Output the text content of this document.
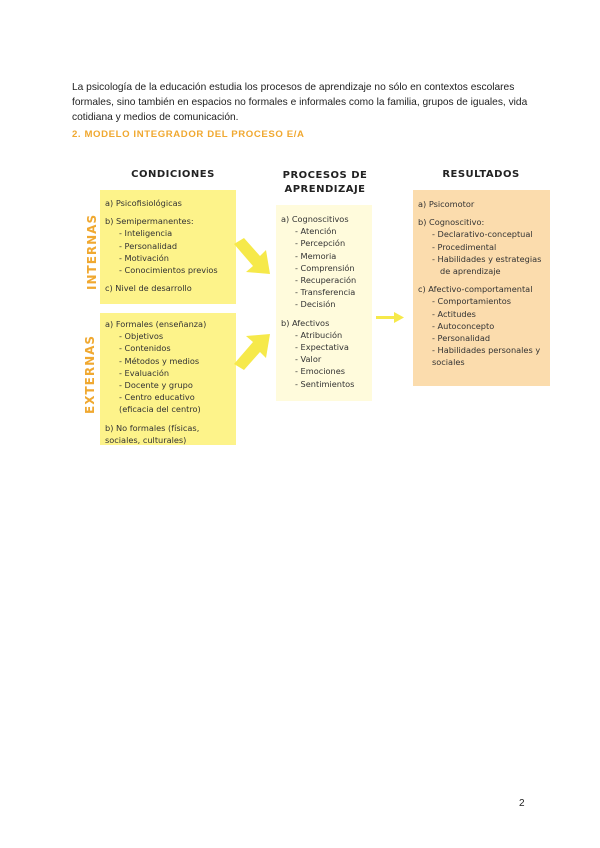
La psicología de la educación estudia los procesos de aprendizaje no sólo en contextos escolares formales, sino también en espacios no formales e informales como la familia, grupos de iguales, vida cotidiana y medios de comunicación.

2. MODELO INTEGRADOR DEL PROCESO E/A
CONDICIONES	PROCESOS DE
APRENDIZAJE
RESULTADOS
INTERNAS
EXTERNAS
a) Psicofisiológicas
b) Semipermanentes:
- Inteligencia
- Personalidad
- Motivación
- Conocimientos previos
c) Nivel de desarrollo
a) Formales (enseñanza)
- Objetivos
- Contenidos
- Métodos y medios
- Evaluación
- Docente y grupo
- Centro educativo
(eficacia del centro)
b) No formales (físicas,
sociales, culturales)
a) Cognoscitivos
- Atención
- Percepción
- Memoria
- Comprensión
- Recuperación
- Transferencia
- Decisión
b) Afectivos
- Atribución
- Expectativa
- Valor
- Emociones
- Sentimientos
a) Psicomotor
b) Cognoscitivo:
- Declarativo-conceptual
- Procedimental
- Habilidades y estrategias
de aprendizaje
c) Afectivo-comportamental
- Comportamientos
- Actitudes
- Autoconcepto
- Personalidad
- Habilidades personales y
sociales
2
